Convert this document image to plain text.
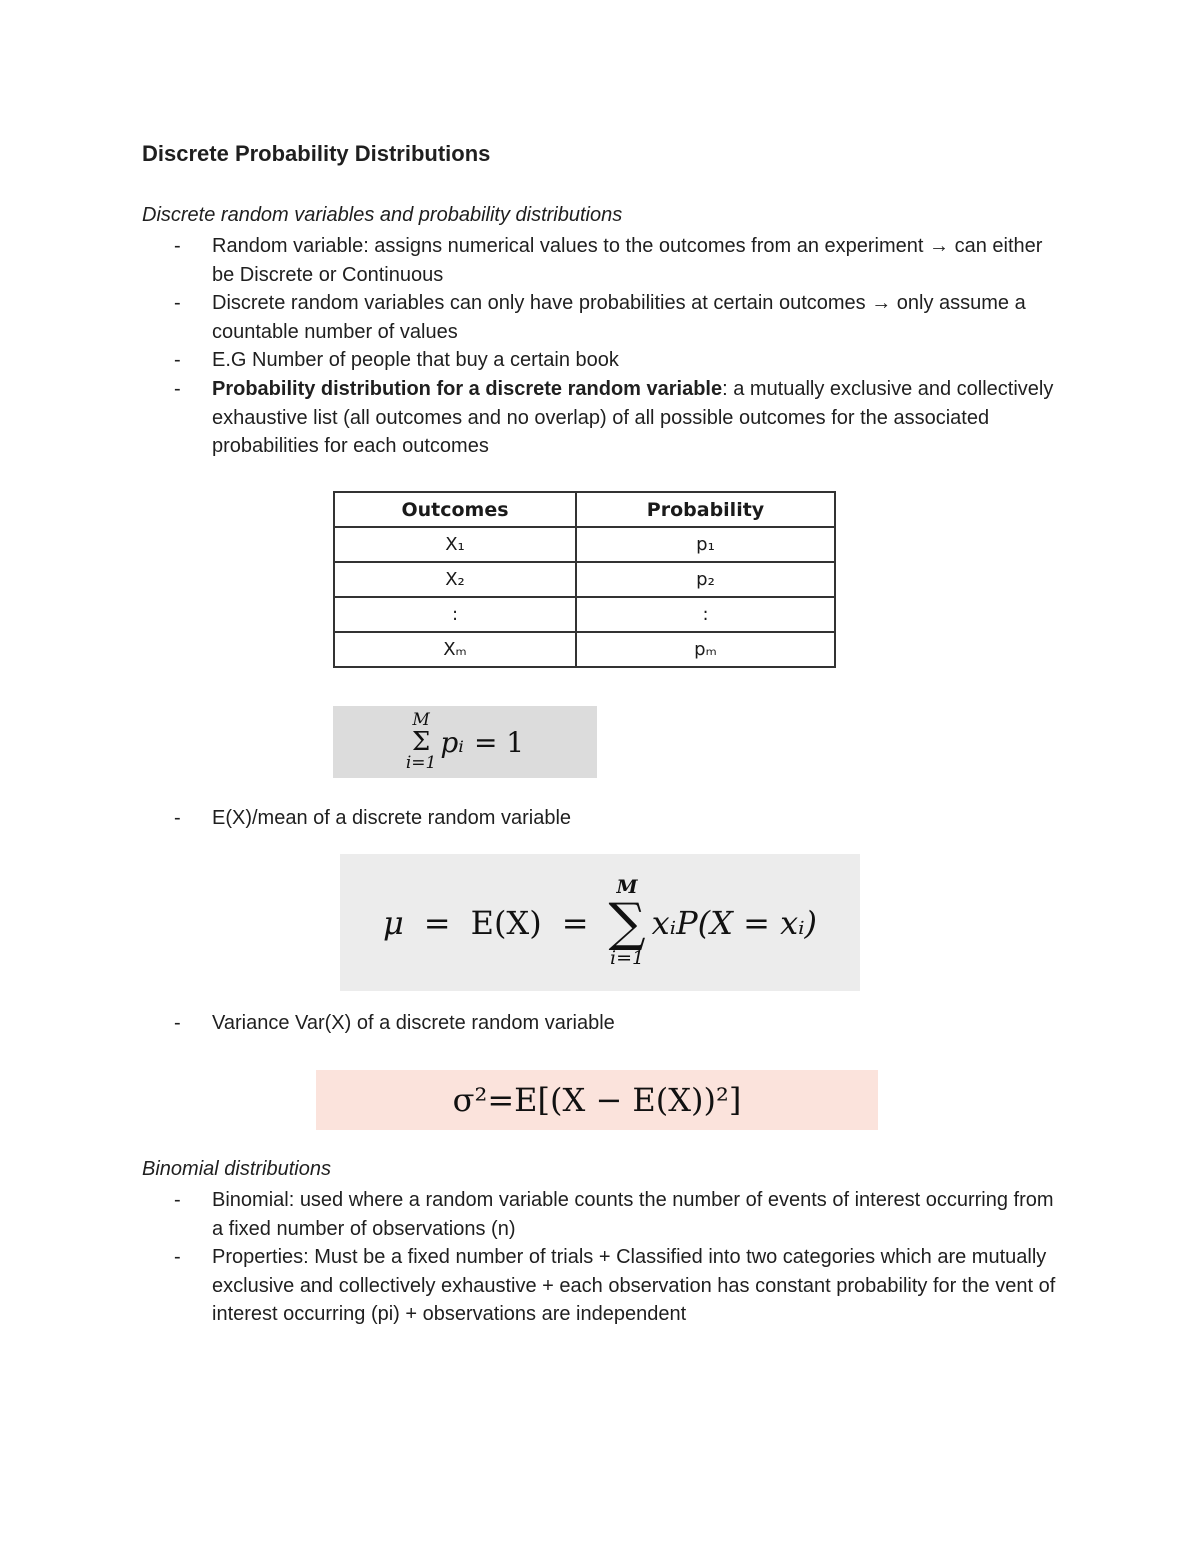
Discrete Probability Distributions

Discrete random variables and probability distributions

- Random variable: assigns numerical values to the outcomes from an experiment → can either be Discrete or Continuous
- Discrete random variables can only have probabilities at certain outcomes → only assume a countable number of values
- E.G Number of people that buy a certain book
- Probability distribution for a discrete random variable: a mutually exclusive and collectively exhaustive list (all outcomes and no overlap) of all possible outcomes for the associated probabilities for each outcomes
Outcomes	Probability
X₁	p₁
X₂	p₂
:	:
Xₘ	pₘ
M
Σ
i=1
pᵢ = 1
- E(X)/mean of a discrete random variable
μ = E(X) =
M
∑
i=1
xᵢP(X = xᵢ)
- Variance Var(X) of a discrete random variable
σ²=E[(X − E(X))²]

Binomial distributions

- Binomial: used where a random variable counts the number of events of interest occurring from a fixed number of observations (n)
- Properties: Must be a fixed number of trials + Classified into two categories which are mutually exclusive and collectively exhaustive + each observation has constant probability for the vent of interest occurring (pi) + observations are independent
